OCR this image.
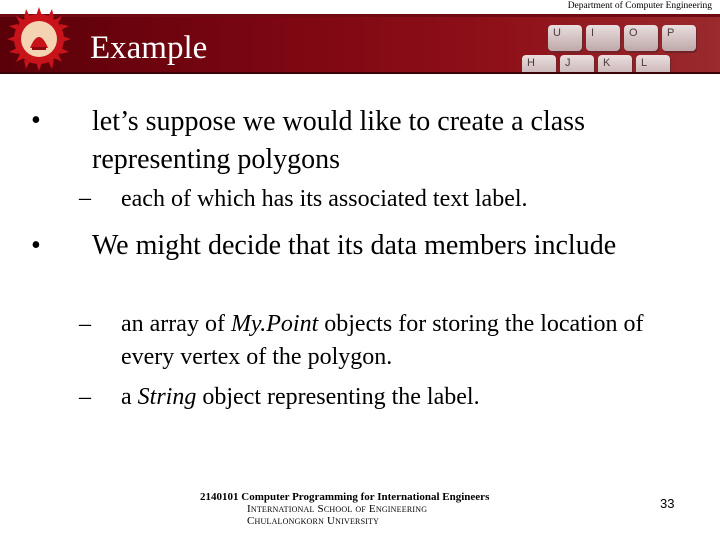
Department of Computer Engineering
U	I	O	P
H	J	K	L
Example
• let’s suppose we would like to create a class representing polygons
– each of which has its associated text label.
• We might decide that its data members include
– an array of My.Point objects for storing the location of every vertex of the polygon.
– a String object representing the label.
2140101 Computer Programming for International Engineers
International School of Engineering
Chulalongkorn University
33
